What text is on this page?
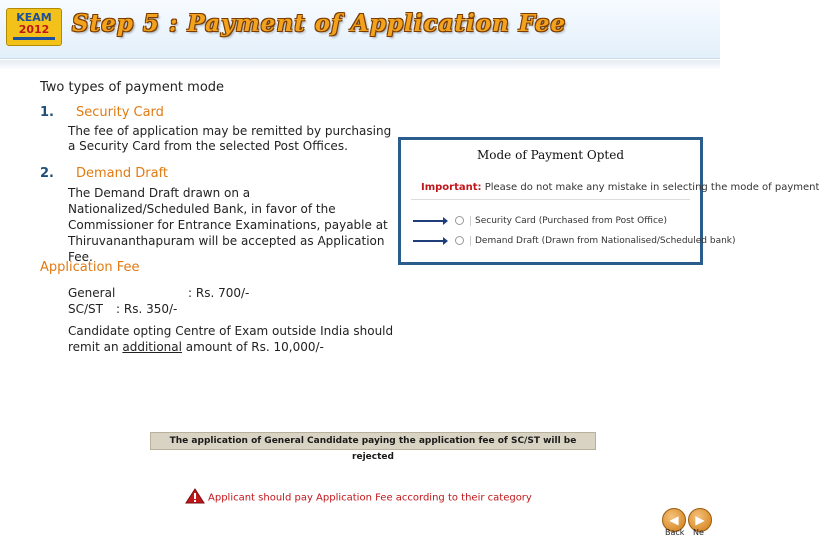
KEAM
2012 Step 5 : Payment of Application Fee
Two types of payment mode
1. Security Card
The fee of application may be remitted by purchasing a Security Card from the selected Post Offices.
2. Demand Draft
The Demand Draft drawn on a Nationalized/Scheduled Bank, in favor of the Commissioner for Entrance Examinations, payable at Thiruvananthapuram will be accepted as Application Fee.
Application Fee
General	: Rs. 700/-
SC/ST : Rs. 350/-
Candidate opting Centre of Exam outside India should remit an additional amount of Rs. 10,000/-
Mode of Payment Opted
Important: Please do not make any mistake in selecting the mode of payment
Security Card (Purchased from Post Office)
Demand Draft (Drawn from Nationalised/Scheduled bank)
The application of General Candidate paying the application fee of SC/ST will be rejected
Applicant should pay Application Fee according to their category
◀	▶
Back Ne
